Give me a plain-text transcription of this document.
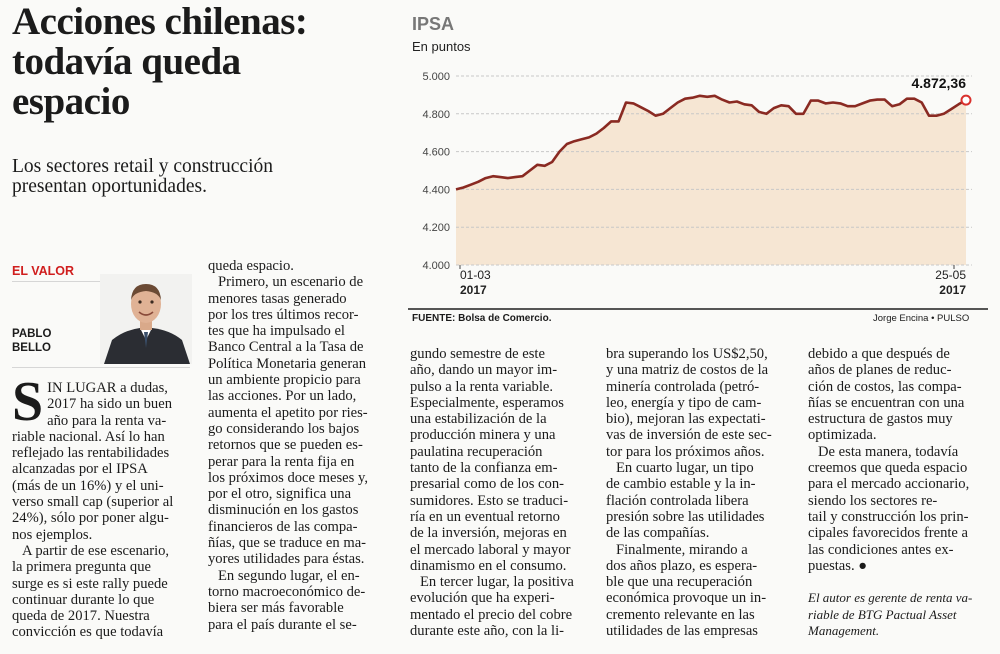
Acciones chilenas:
todavía queda
espacio
Los sectores retail y construcción
presentan oportunidades.
EL VALOR
PABLO
BELLO
S IN LUGAR a dudas,
2017 ha sido un buen
año para la renta va-
riable nacional. Así lo han
reflejado las rentabilidades
alcanzadas por el IPSA
(más de un 16%) y el uni-
verso small cap (superior al
24%), sólo por poner algu-
nos ejemplos.
A partir de ese escenario,
la primera pregunta que
surge es si este rally puede
continuar durante lo que
queda de 2017. Nuestra
convicción es que todavía
queda espacio.
Primero, un escenario de
menores tasas generado
por los tres últimos recor-
tes que ha impulsado el
Banco Central a la Tasa de
Política Monetaria generan
un ambiente propicio para
las acciones. Por un lado,
aumenta el apetito por ries-
go considerando los bajos
retornos que se pueden es-
perar para la renta fija en
los próximos doce meses y,
por el otro, significa una
disminución en los gastos
financieros de las compa-
ñías, que se traduce en ma-
yores utilidades para éstas.
En segundo lugar, el en-
torno macroeconómico de-
biera ser más favorable
para el país durante el se-
gundo semestre de este
año, dando un mayor im-
pulso a la renta variable.
Especialmente, esperamos
una estabilización de la
producción minera y una
paulatina recuperación
tanto de la confianza em-
presarial como de los con-
sumidores. Esto se traduci-
ría en un eventual retorno
de la inversión, mejoras en
el mercado laboral y mayor
dinamismo en el consumo.
En tercer lugar, la positiva
evolución que ha experi-
mentado el precio del cobre
durante este año, con la li-
bra superando los US$2,50,
y una matriz de costos de la
minería controlada (petró-
leo, energía y tipo de cam-
bio), mejoran las expectati-
vas de inversión de este sec-
tor para los próximos años.
En cuarto lugar, un tipo
de cambio estable y la in-
flación controlada libera
presión sobre las utilidades
de las compañías.
Finalmente, mirando a
dos años plazo, es espera-
ble que una recuperación
económica provoque un in-
cremento relevante en las
utilidades de las empresas
debido a que después de
años de planes de reduc-
ción de costos, las compa-
ñías se encuentran con una
estructura de gastos muy
optimizada.
De esta manera, todavía
creemos que queda espacio
para el mercado accionario,
siendo los sectores re-
tail y construcción los prin-
cipales favorecidos frente a
las condiciones antes ex-
puestas. ●
El autor es gerente de renta va-
riable de BTG Pactual Asset
Management.
IPSA
En puntos
5.000
4.800
4.600
4.400
4.200
4.000
4.872,36
01-03
2017
25-05
2017
FUENTE: Bolsa de Comercio.	Jorge Encina • PULSO
